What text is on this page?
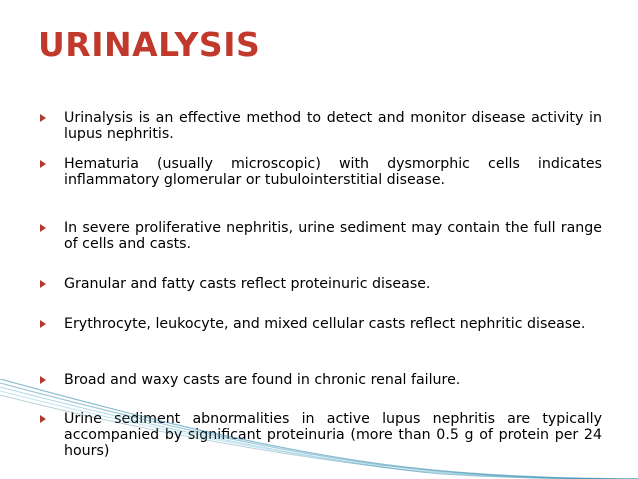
URINALYSIS
Urinalysis is an effective method to detect and monitor disease activity in lupus nephritis.
Hematuria (usually microscopic) with dysmorphic cells indicates inflammatory glomerular or tubulointerstitial disease.
In severe proliferative nephritis, urine sediment may contain the full range of cells and casts.
Granular and fatty casts reflect proteinuric disease.
Erythrocyte, leukocyte, and mixed cellular casts reflect nephritic disease.
Broad and waxy casts are found in chronic renal failure.
Urine sediment abnormalities in active lupus nephritis are typically accompanied by significant proteinuria (more than 0.5 g of protein per 24 hours)
